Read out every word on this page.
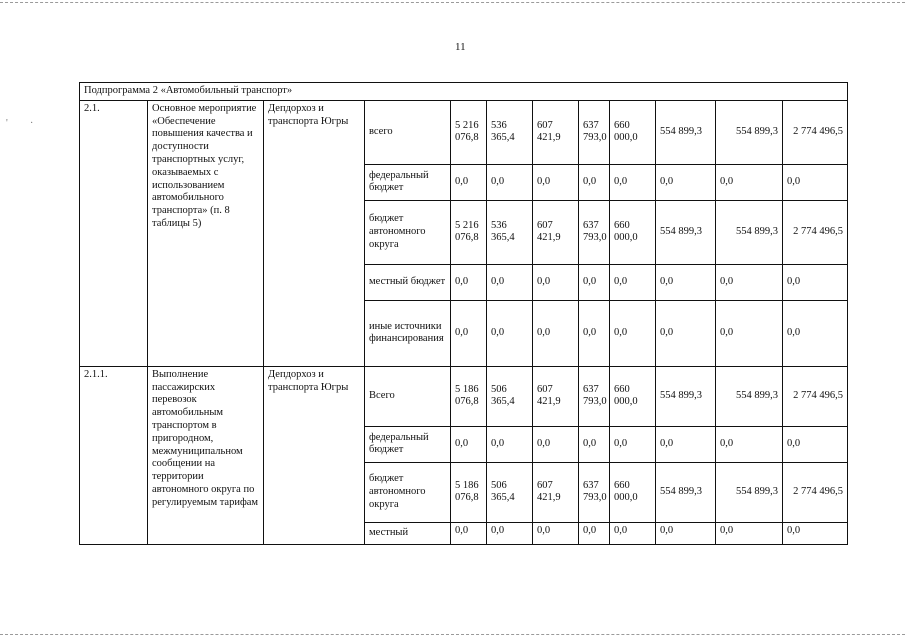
11
' ·
Подпрограмма 2 «Автомобильный транспорт»											
2.1.	Основное мероприятие «Обеспечение повышения качества и доступности транспортных услуг, оказываемых с использованием автомобильного транспорта» (п. 8 таблицы 5)	Депдорхоз и транспорта Югры	всего	5 216 076,8	536 365,4	607 421,9	637 793,0	660 000,0	554 899,3	554 899,3	2 774 496,5
			федеральный бюджет	0,0	0,0	0,0	0,0	0,0	0,0	0,0	0,0
			бюджет автономного округа	5 216 076,8	536 365,4	607 421,9	637 793,0	660 000,0	554 899,3	554 899,3	2 774 496,5
			местный бюджет	0,0	0,0	0,0	0,0	0,0	0,0	0,0	0,0
			иные источники финансирования	0,0	0,0	0,0	0,0	0,0	0,0	0,0	0,0
2.1.1.	Выполнение пассажирских перевозок автомобильным транспортом в пригородном, межмуниципальном сообщении на территории автономного округа по регулируемым тарифам	Депдорхоз и транспорта Югры	Всего	5 186 076,8	506 365,4	607 421,9	637 793,0	660 000,0	554 899,3	554 899,3	2 774 496,5
			федеральный бюджет	0,0	0,0	0,0	0,0	0,0	0,0	0,0	0,0
			бюджет автономного округа	5 186 076,8	506 365,4	607 421,9	637 793,0	660 000,0	554 899,3	554 899,3	2 774 496,5
			местный	0,0	0,0	0,0	0,0	0,0	0,0	0,0	0,0
